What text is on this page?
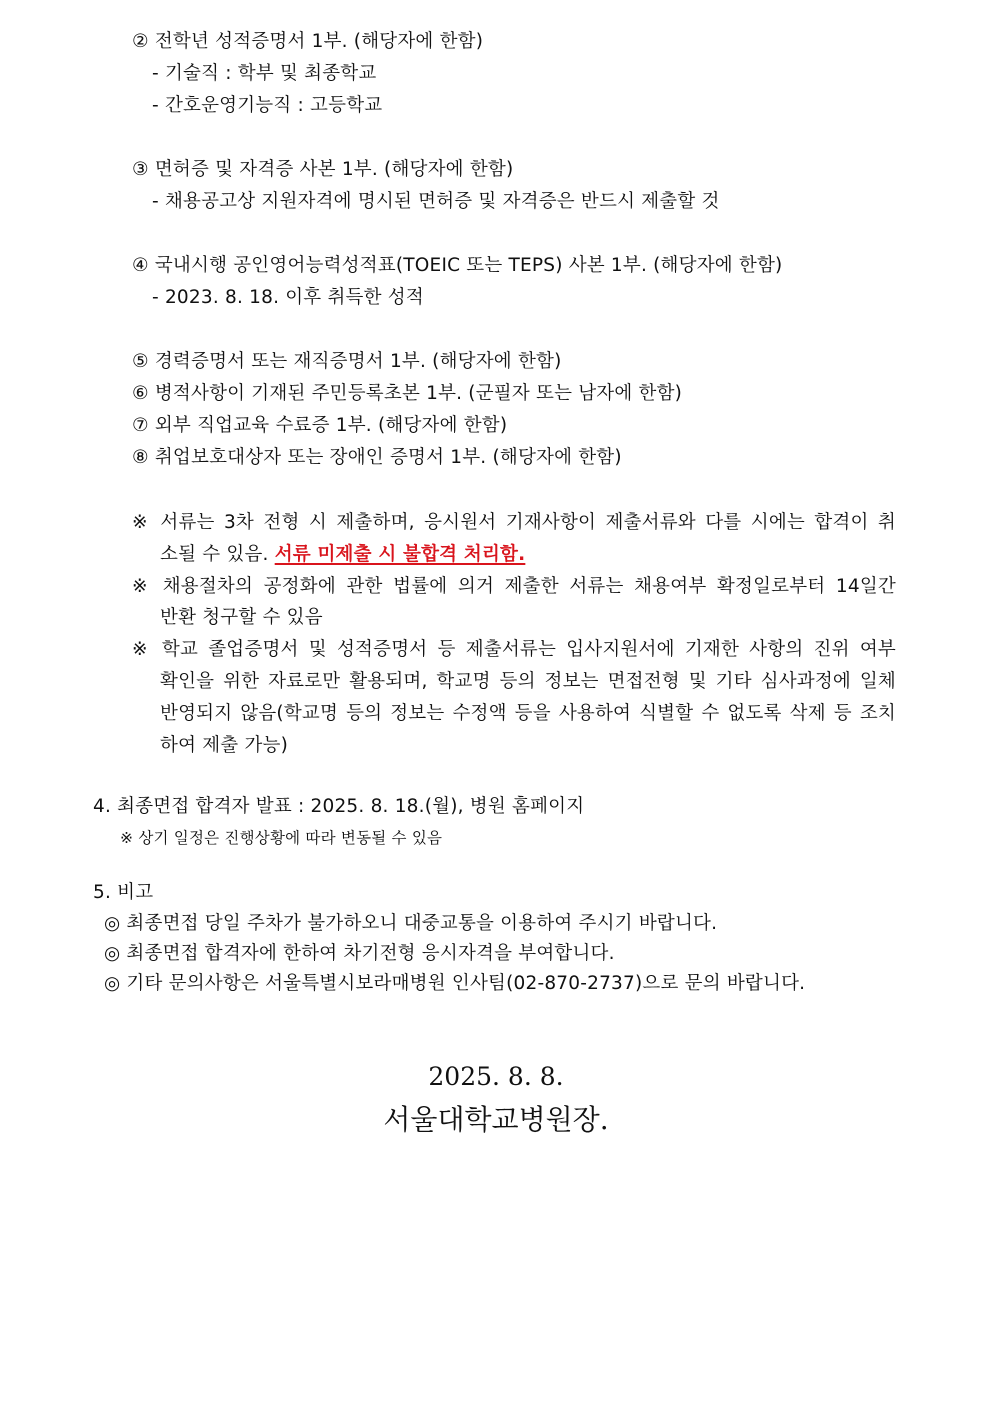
② 전학년 성적증명서 1부. (해당자에 한함)
- 기술직 : 학부 및 최종학교
- 간호운영기능직 : 고등학교
③ 면허증 및 자격증 사본 1부. (해당자에 한함)
- 채용공고상 지원자격에 명시된 면허증 및 자격증은 반드시 제출할 것
④ 국내시행 공인영어능력성적표(TOEIC 또는 TEPS) 사본 1부. (해당자에 한함)
- 2023. 8. 18. 이후 취득한 성적
⑤ 경력증명서 또는 재직증명서 1부. (해당자에 한함)
⑥ 병적사항이 기재된 주민등록초본 1부. (군필자 또는 남자에 한함)
⑦ 외부 직업교육 수료증 1부. (해당자에 한함)
⑧ 취업보호대상자 또는 장애인 증명서 1부. (해당자에 한함)
※ 서류는 3차 전형 시 제출하며, 응시원서 기재사항이 제출서류와 다를 시에는 합격이 취
소될 수 있음. 서류 미제출 시 불합격 처리함.
※ 채용절차의 공정화에 관한 법률에 의거 제출한 서류는 채용여부 확정일로부터 14일간
반환 청구할 수 있음
※ 학교 졸업증명서 및 성적증명서 등 제출서류는 입사지원서에 기재한 사항의 진위 여부
확인을 위한 자료로만 활용되며, 학교명 등의 정보는 면접전형 및 기타 심사과정에 일체
반영되지 않음(학교명 등의 정보는 수정액 등을 사용하여 식별할 수 없도록 삭제 등 조치
하여 제출 가능)
4. 최종면접 합격자 발표 : 2025. 8. 18.(월), 병원 홈페이지
※ 상기 일정은 진행상황에 따라 변동될 수 있음
5. 비고
◎ 최종면접 당일 주차가 불가하오니 대중교통을 이용하여 주시기 바랍니다.
◎ 최종면접 합격자에 한하여 차기전형 응시자격을 부여합니다.
◎ 기타 문의사항은 서울특별시보라매병원 인사팀(02-870-2737)으로 문의 바랍니다.
2025. 8. 8.
서울대학교병원장.
